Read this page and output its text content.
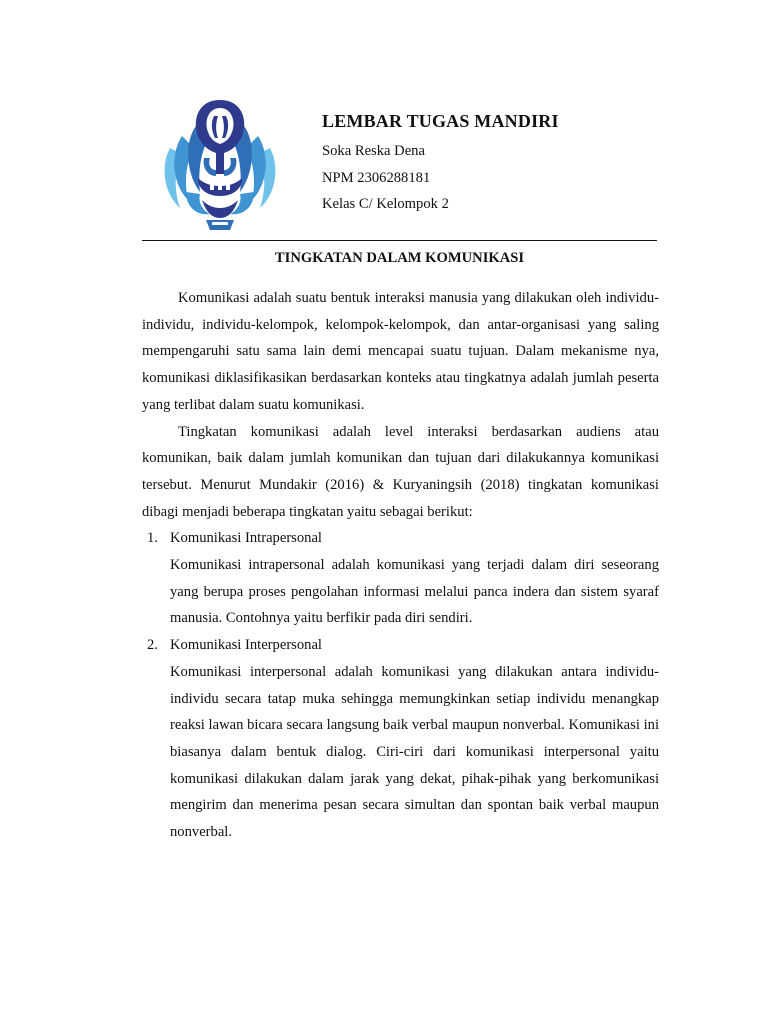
LEMBAR TUGAS MANDIRI
Soka Reska Dena
NPM 2306288181
Kelas C/ Kelompok 2
TINGKATAN DALAM KOMUNIKASI

Komunikasi adalah suatu bentuk interaksi manusia yang dilakukan oleh individu-individu, individu-kelompok, kelompok-kelompok, dan antar-organisasi yang saling mempengaruhi satu sama lain demi mencapai suatu tujuan. Dalam mekanisme nya, komunikasi diklasifikasikan berdasarkan konteks atau tingkatnya adalah jumlah peserta yang terlibat dalam suatu komunikasi.

Tingkatan komunikasi adalah level interaksi berdasarkan audiens atau komunikan, baik dalam jumlah komunikan dan tujuan dari dilakukannya komunikasi tersebut. Menurut Mundakir (2016) & Kuryaningsih (2018) tingkatan komunikasi dibagi menjadi beberapa tingkatan yaitu sebagai berikut:

1. Komunikasi Intrapersonal

Komunikasi intrapersonal adalah komunikasi yang terjadi dalam diri seseorang yang berupa proses pengolahan informasi melalui panca indera dan sistem syaraf manusia. Contohnya yaitu berfikir pada diri sendiri.

2. Komunikasi Interpersonal

Komunikasi interpersonal adalah komunikasi yang dilakukan antara individu-individu secara tatap muka sehingga memungkinkan setiap individu menangkap reaksi lawan bicara secara langsung baik verbal maupun nonverbal. Komunikasi ini biasanya dalam bentuk dialog. Ciri-ciri dari komunikasi interpersonal yaitu komunikasi dilakukan dalam jarak yang dekat, pihak-pihak yang berkomunikasi mengirim dan menerima pesan secara simultan dan spontan baik verbal maupun nonverbal.
